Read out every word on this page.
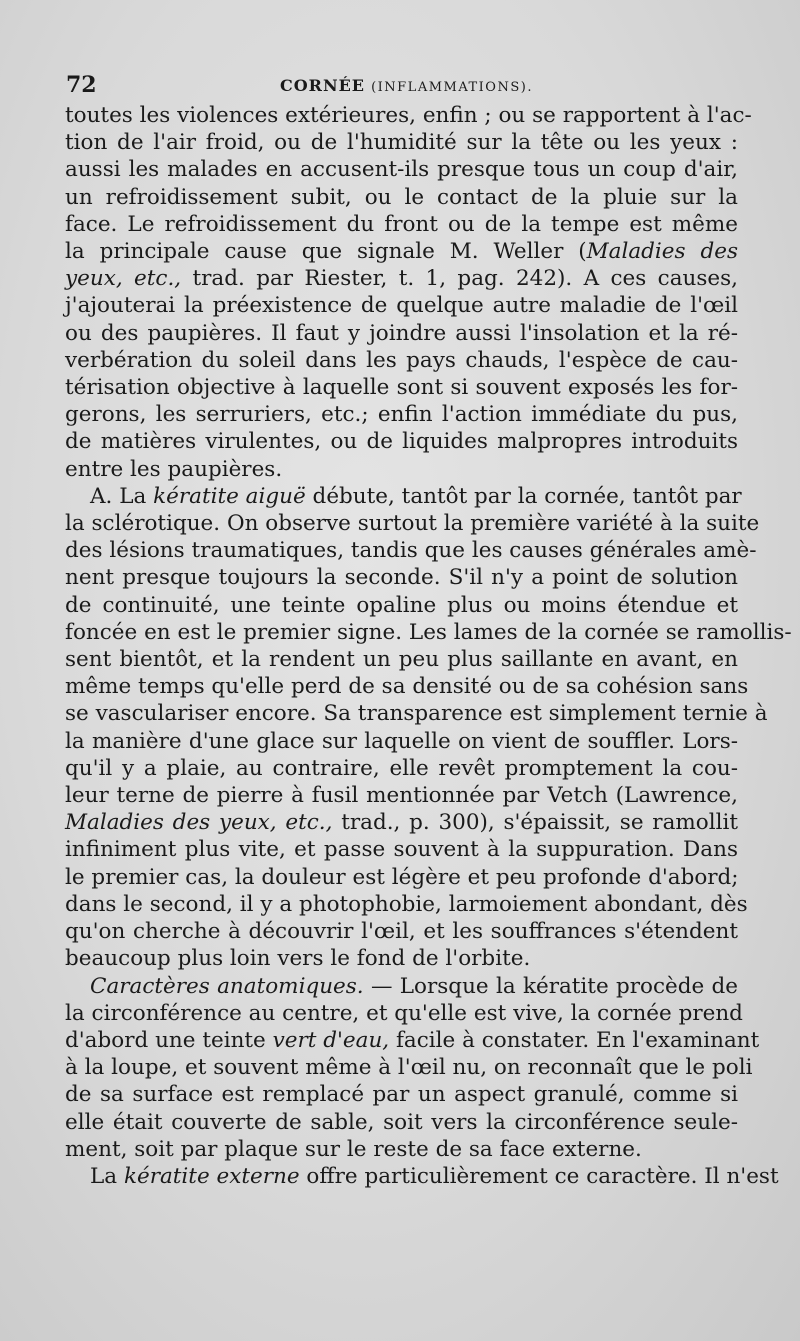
72	CORNÉE (INFLAMMATIONS).
toutes les violences extérieures, enfin ; ou se rapportent à l'ac-
tion de l'air froid, ou de l'humidité sur la tête ou les yeux :
aussi les malades en accusent-ils presque tous un coup d'air,
un refroidissement subit, ou le contact de la pluie sur la
face. Le refroidissement du front ou de la tempe est même
la principale cause que signale M. Weller (Maladies des
yeux, etc., trad. par Riester, t. 1, pag. 242). A ces causes,
j'ajouterai la préexistence de quelque autre maladie de l'œil
ou des paupières. Il faut y joindre aussi l'insolation et la ré-
verbération du soleil dans les pays chauds, l'espèce de cau-
térisation objective à laquelle sont si souvent exposés les for-
gerons, les serruriers, etc.; enfin l'action immédiate du pus,
de matières virulentes, ou de liquides malpropres introduits
entre les paupières.
A. La kératite aiguë débute, tantôt par la cornée, tantôt par
la sclérotique. On observe surtout la première variété à la suite
des lésions traumatiques, tandis que les causes générales amè-
nent presque toujours la seconde. S'il n'y a point de solution
de continuité, une teinte opaline plus ou moins étendue et
foncée en est le premier signe. Les lames de la cornée se ramollis-
sent bientôt, et la rendent un peu plus saillante en avant, en
même temps qu'elle perd de sa densité ou de sa cohésion sans
se vasculariser encore. Sa transparence est simplement ternie à
la manière d'une glace sur laquelle on vient de souffler. Lors-
qu'il y a plaie, au contraire, elle revêt promptement la cou-
leur terne de pierre à fusil mentionnée par Vetch (Lawrence,
Maladies des yeux, etc., trad., p. 300), s'épaissit, se ramollit
infiniment plus vite, et passe souvent à la suppuration. Dans
le premier cas, la douleur est légère et peu profonde d'abord;
dans le second, il y a photophobie, larmoiement abondant, dès
qu'on cherche à découvrir l'œil, et les souffrances s'étendent
beaucoup plus loin vers le fond de l'orbite.
Caractères anatomiques. — Lorsque la kératite procède de
la circonférence au centre, et qu'elle est vive, la cornée prend
d'abord une teinte vert d'eau, facile à constater. En l'examinant
à la loupe, et souvent même à l'œil nu, on reconnaît que le poli
de sa surface est remplacé par un aspect granulé, comme si
elle était couverte de sable, soit vers la circonférence seule-
ment, soit par plaque sur le reste de sa face externe.
La kératite externe offre particulièrement ce caractère. Il n'est
